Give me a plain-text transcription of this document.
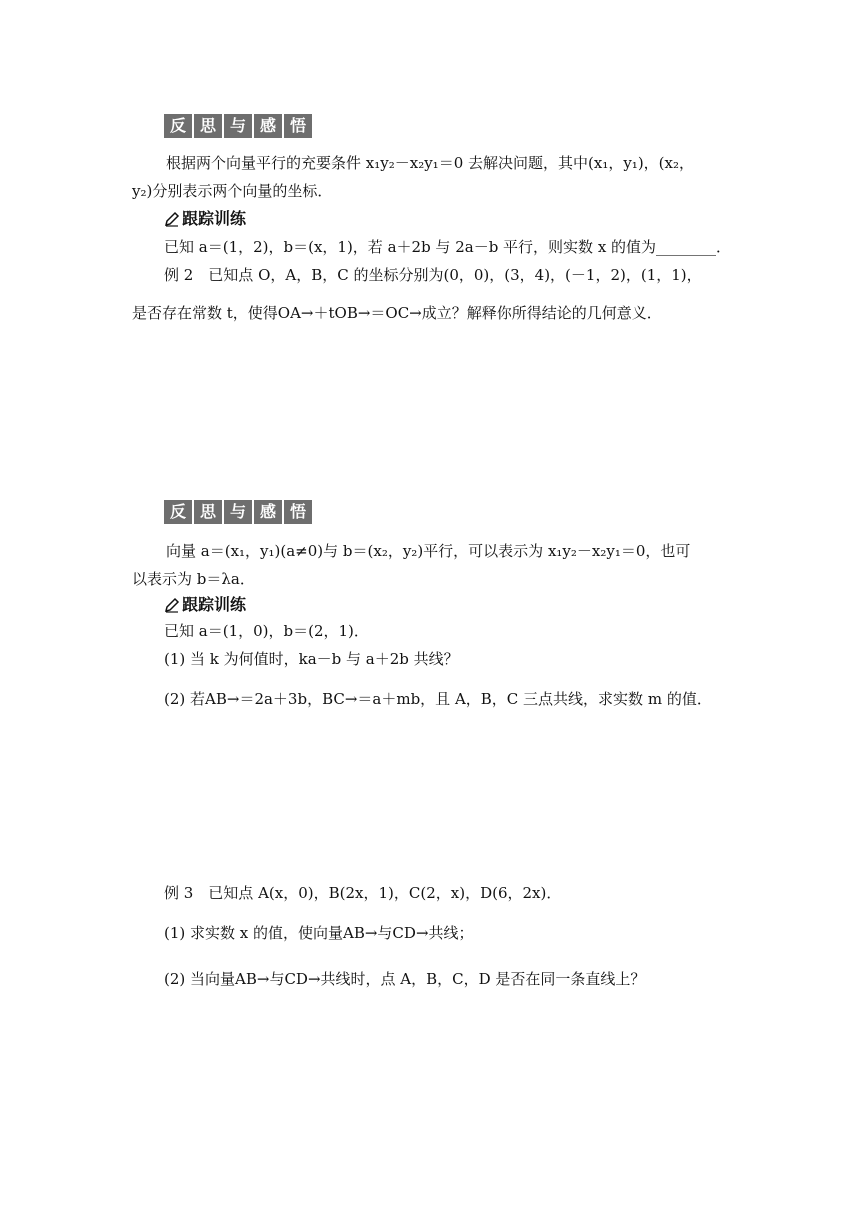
反 思 与 感 悟
根据两个向量平行的充要条件 x₁y₂－x₂y₁＝0 去解决问题，其中(x₁，y₁)，(x₂，
y₂)分别表示两个向量的坐标．
跟踪训练
已知 a＝(1，2)，b＝(x，1)，若 a＋2b 与 2a－b 平行，则实数 x 的值为________．
例 2　已知点 O，A，B，C 的坐标分别为(0，0)，(3，4)，(－1，2)，(1，1)，
是否存在常数 t，使得OA→＋tOB→＝OC→成立？解释你所得结论的几何意义．
反 思 与 感 悟
向量 a＝(x₁，y₁)(a≠0)与 b＝(x₂，y₂)平行，可以表示为 x₁y₂－x₂y₁＝0，也可
以表示为 b＝λa．
跟踪训练
已知 a＝(1，0)，b＝(2，1)．
(1) 当 k 为何值时，ka－b 与 a＋2b 共线？
(2) 若AB→＝2a＋3b，BC→＝a＋mb，且 A，B，C 三点共线，求实数 m 的值．
例 3　已知点 A(x，0)，B(2x，1)，C(2，x)，D(6，2x)．
(1) 求实数 x 的值，使向量AB→与CD→共线；
(2) 当向量AB→与CD→共线时，点 A，B，C，D 是否在同一条直线上？
